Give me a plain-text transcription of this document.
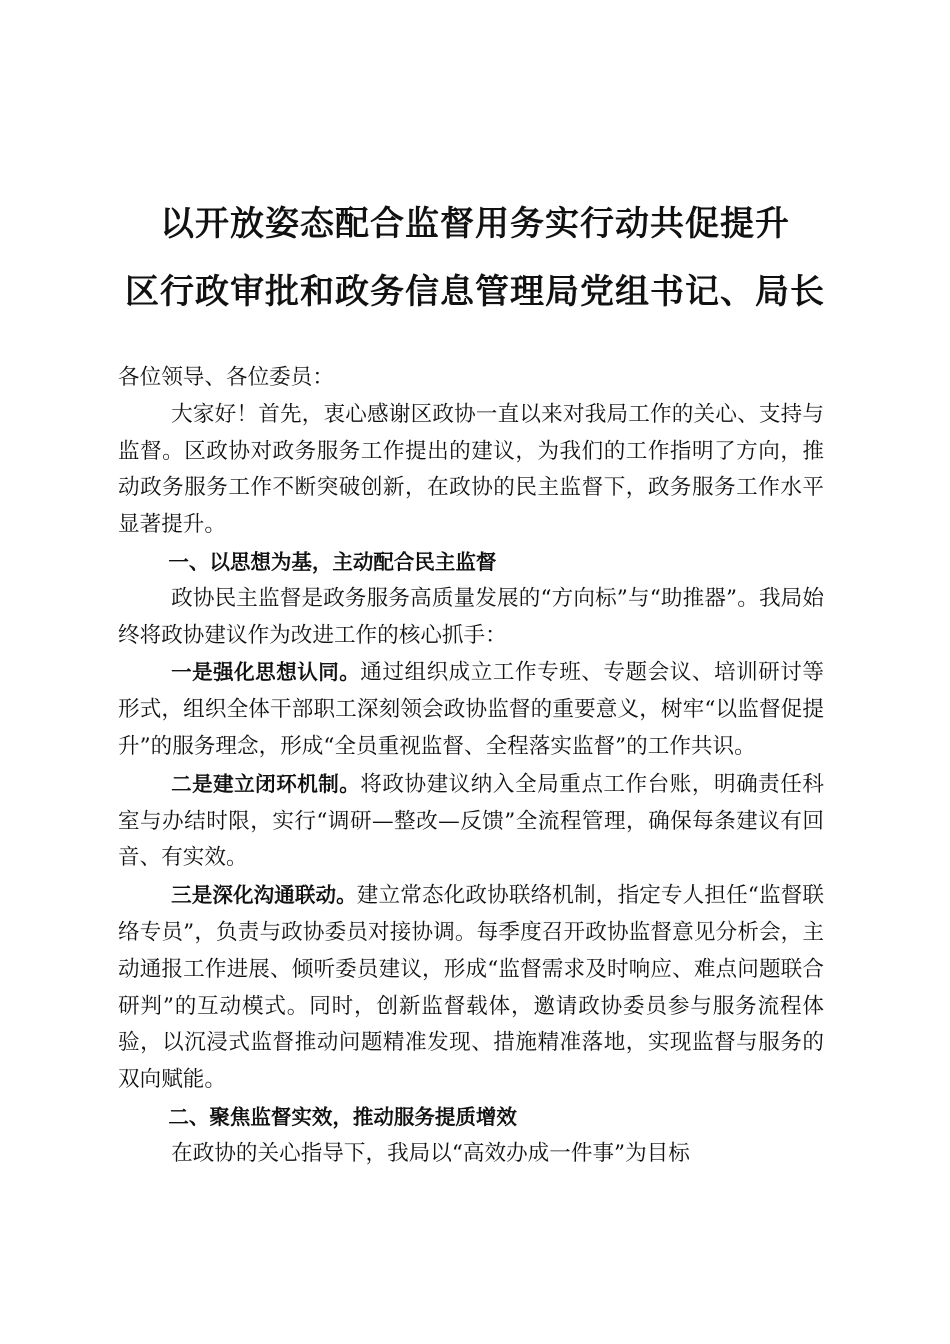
以开放姿态配合监督用务实行动共促提升
区行政审批和政务信息管理局党组书记、局长

各位领导、各位委员：

大家好！首先，衷心感谢区政协一直以来对我局工作的关心、支持与监督。区政协对政务服务工作提出的建议，为我们的工作指明了方向，推动政务服务工作不断突破创新，在政协的民主监督下，政务服务工作水平显著提升。

一、以思想为基，主动配合民主监督

政协民主监督是政务服务高质量发展的“方向标”与“助推器”。我局始终将政协建议作为改进工作的核心抓手：

一是强化思想认同。通过组织成立工作专班、专题会议、培训研讨等形式，组织全体干部职工深刻领会政协监督的重要意义，树牢“以监督促提升”的服务理念，形成“全员重视监督、全程落实监督”的工作共识。

二是建立闭环机制。将政协建议纳入全局重点工作台账，明确责任科室与办结时限，实行“调研—整改—反馈”全流程管理，确保每条建议有回音、有实效。

三是深化沟通联动。建立常态化政协联络机制，指定专人担任“监督联络专员”，负责与政协委员对接协调。每季度召开政协监督意见分析会，主动通报工作进展、倾听委员建议，形成“监督需求及时响应、难点问题联合研判”的互动模式。同时，创新监督载体，邀请政协委员参与服务流程体验，以沉浸式监督推动问题精准发现、措施精准落地，实现监督与服务的双向赋能。

二、聚焦监督实效，推动服务提质增效

在政协的关心指导下，我局以“高效办成一件事”为目标
